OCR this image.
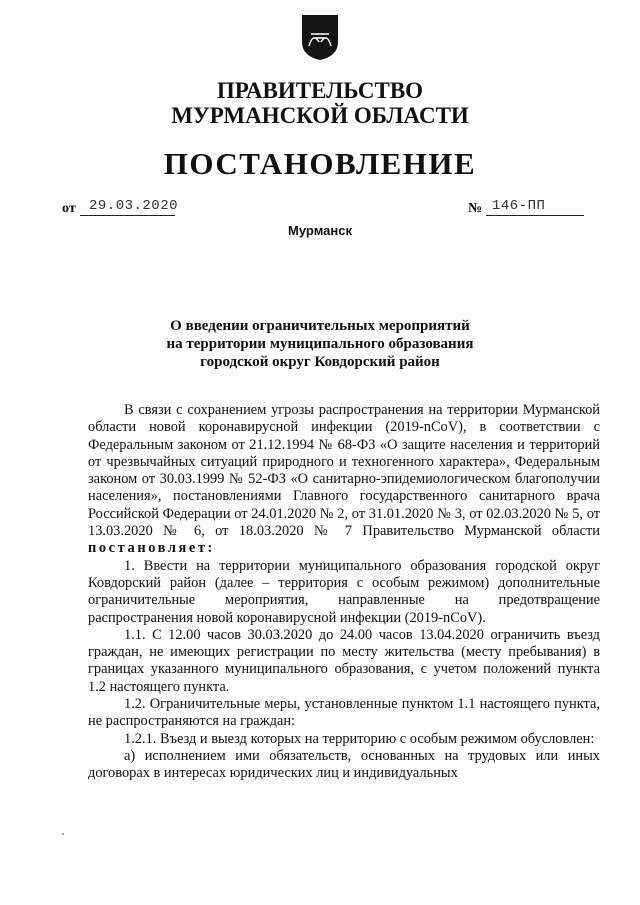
ПРАВИТЕЛЬСТВО
МУРМАНСКОЙ ОБЛАСТИ
ПОСТАНОВЛЕНИЕ
от 29.03.2020	№ 146-ПП
Мурманск
О введении ограничительных мероприятий
на территории муниципального образования
городской округ Ковдорский район

В связи с сохранением угрозы распространения на территории Мурманской области новой коронавирусной инфекции (2019-nCoV), в соответствии с Федеральным законом от 21.12.1994 № 68-ФЗ «О защите населения и территорий от чрезвычайных ситуаций природного и техногенного характера», Федеральным законом от 30.03.1999 № 52-ФЗ «О санитарно-эпидемиологическом благополучии населения», постановлениями Главного государственного санитарного врача Российской Федерации от 24.01.2020 № 2, от 31.01.2020 № 3, от 02.03.2020 № 5, от 13.03.2020 № 6, от 18.03.2020 № 7 Правительство Мурманской области постановляет:

1. Ввести на территории муниципального образования городской округ Ковдорский район (далее – территория с особым режимом) дополнительные ограничительные мероприятия, направленные на предотвращение распространения новой коронавирусной инфекции (2019-nCoV).

1.1. С 12.00 часов 30.03.2020 до 24.00 часов 13.04.2020 ограничить въезд граждан, не имеющих регистрации по месту жительства (месту пребывания) в границах указанного муниципального образования, с учетом положений пункта 1.2 настоящего пункта.

1.2. Ограничительные меры, установленные пунктом 1.1 настоящего пункта, не распространяются на граждан:

1.2.1. Въезд и выезд которых на территорию с особым режимом обусловлен:

а) исполнением ими обязательств, основанных на трудовых или иных договорах в интересах юридических лиц и индивидуальных
